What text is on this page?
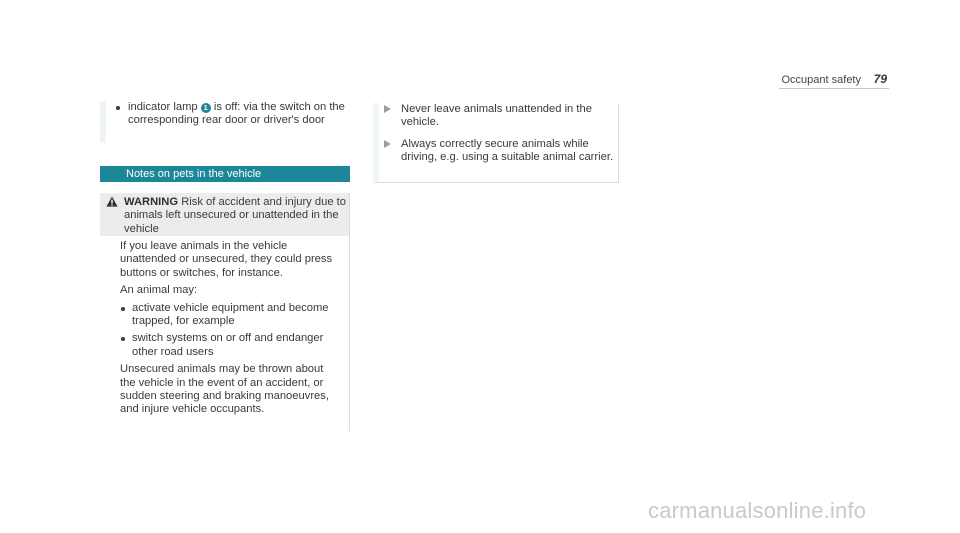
Occupant safety 79
indicator lamp 1 is off: via the switch on the corresponding rear door or driver's door
Notes on pets in the vehicle
WARNING Risk of accident and injury due to animals left unsecured or unattended in the vehicle

If you leave animals in the vehicle unattended or unsecured, they could press buttons or switches, for instance.

An animal may:

activate vehicle equipment and become trapped, for example
switch systems on or off and endanger other road users

Unsecured animals may be thrown about the vehicle in the event of an accident, or sudden steering and braking manoeuvres, and injure vehicle occupants.

Never leave animals unattended in the vehicle.
Always correctly secure animals while driving, e.g. using a suitable animal carrier.
carmanualsonline.info
